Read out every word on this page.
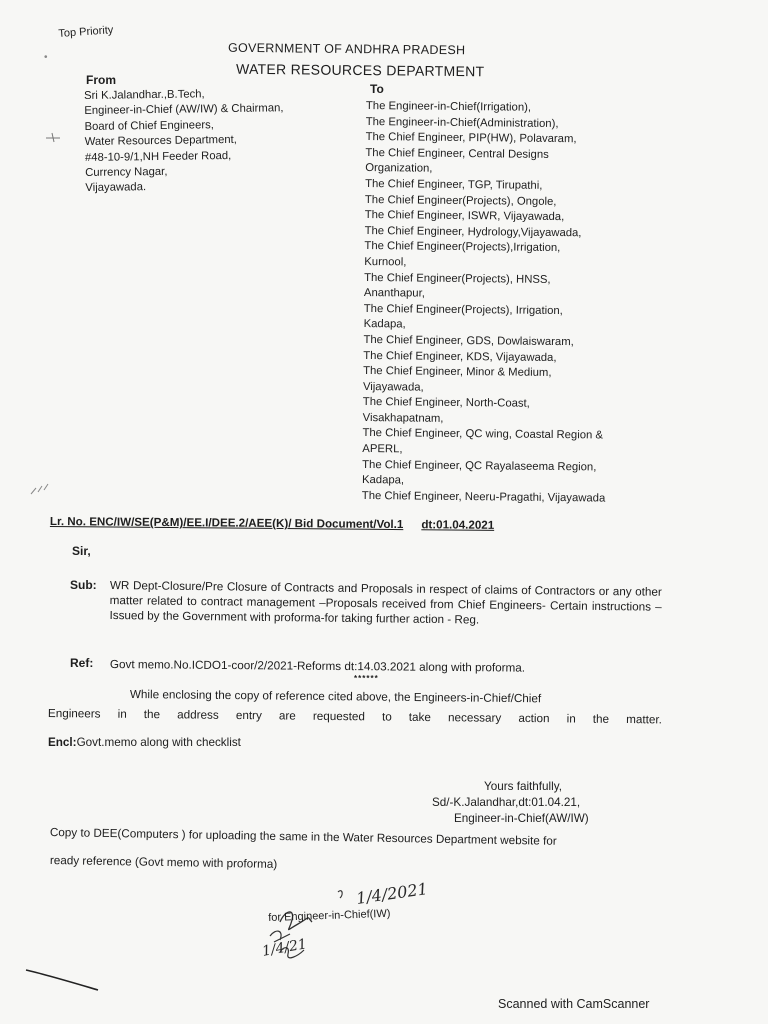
Top Priority
GOVERNMENT OF ANDHRA PRADESH
WATER RESOURCES DEPARTMENT
From
Sri K.Jalandhar.,B.Tech,
Engineer-in-Chief (AW/IW) & Chairman,
Board of Chief Engineers,
Water Resources Department,
#48-10-9/1,NH Feeder Road,
Currency Nagar,
Vijayawada.
To
The Engineer-in-Chief(Irrigation),
The Engineer-in-Chief(Administration),
The Chief Engineer, PIP(HW), Polavaram,
The Chief Engineer, Central Designs
Organization,
The Chief Engineer, TGP, Tirupathi,
The Chief Engineer(Projects), Ongole,
The Chief Engineer, ISWR, Vijayawada,
The Chief Engineer, Hydrology,Vijayawada,
The Chief Engineer(Projects),Irrigation,
Kurnool,
The Chief Engineer(Projects), HNSS,
Ananthapur,
The Chief Engineer(Projects), Irrigation,
Kadapa,
The Chief Engineer, GDS, Dowlaiswaram,
The Chief Engineer, KDS, Vijayawada,
The Chief Engineer, Minor & Medium,
Vijayawada,
The Chief Engineer, North-Coast,
Visakhapatnam,
The Chief Engineer, QC wing, Coastal Region &
APERL,
The Chief Engineer, QC Rayalaseema Region,
Kadapa,
The Chief Engineer, Neeru-Pragathi, Vijayawada
Lr. No. ENC/IW/SE(P&M)/EE.I/DEE.2/AEE(K)/ Bid Document/Vol.1 dt:01.04.2021
Sir,
Sub: WR Dept-Closure/Pre Closure of Contracts and Proposals in respect of claims of Contractors or any other matter related to contract management –Proposals received from Chief Engineers- Certain instructions –Issued by the Government with proforma-for taking further action - Reg.
Ref: Govt memo.No.ICDO1-coor/2/2021-Reforms dt:14.03.2021 along with proforma.
******
While enclosing the copy of reference cited above, the Engineers-in-Chief/Chief
Engineers in the address entry are requested to take necessary action in the matter.
Encl:Govt.memo along with checklist
Yours faithfully,
Sd/-K.Jalandhar,dt:01.04.21,
Engineer-in-Chief(AW/IW)
Copy to DEE(Computers ) for uploading the same in the Water Resources Department website for
ready reference (Govt memo with proforma)
1/4/2021
1/4/21
for Engineer-in-Chief(IW)
•
Scanned with CamScanner
